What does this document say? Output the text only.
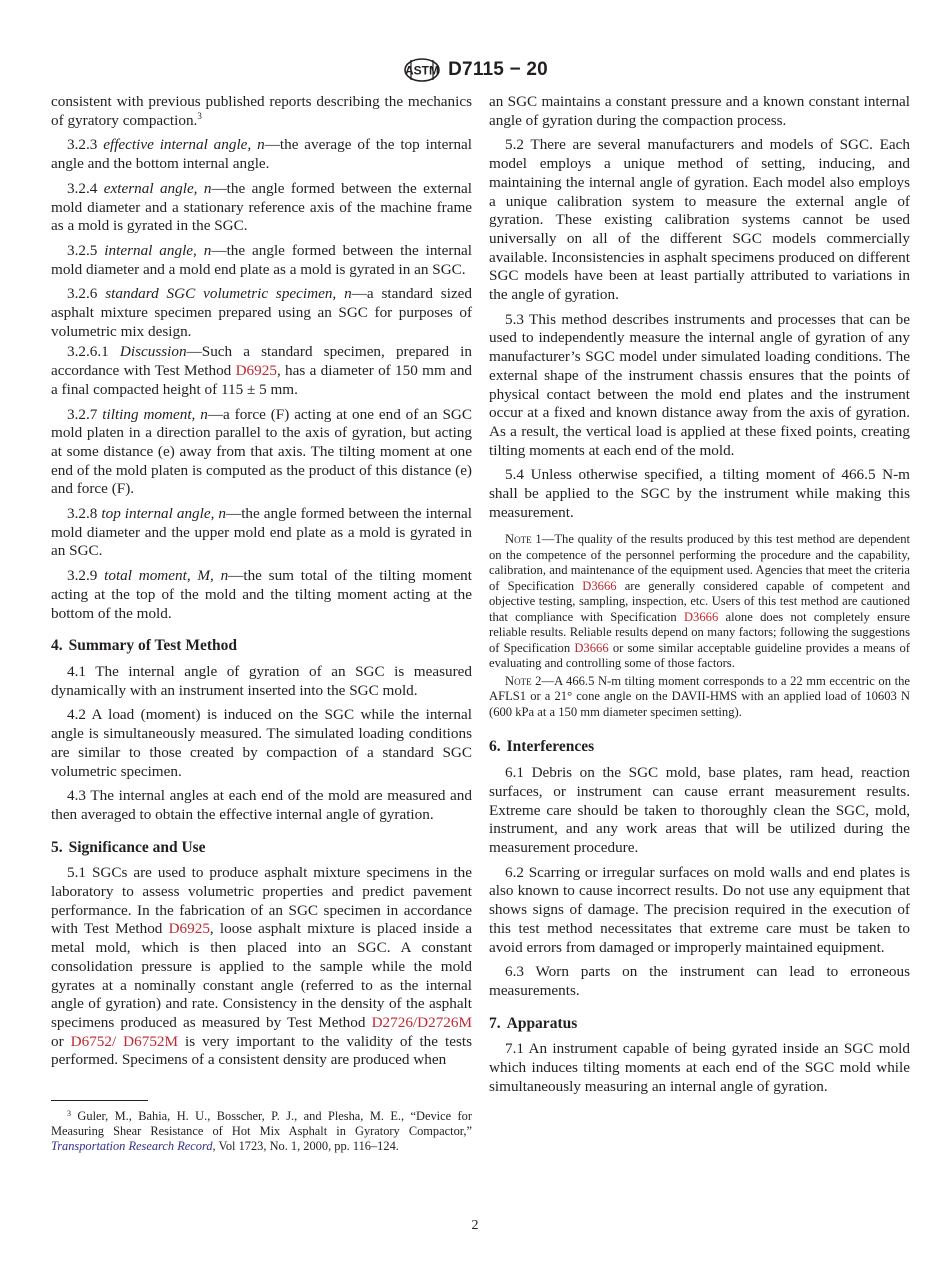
ASTM D7115 − 20

consistent with previous published reports describing the mechanics of gyratory compaction.$^3$

3.2.3 effective internal angle, n—the average of the top internal angle and the bottom internal angle.

3.2.4 external angle, n—the angle formed between the external mold diameter and a stationary reference axis of the machine frame as a mold is gyrated in the SGC.

3.2.5 internal angle, n—the angle formed between the internal mold diameter and a mold end plate as a mold is gyrated in an SGC.

3.2.6 standard SGC volumetric specimen, n—a standard sized asphalt mixture specimen prepared using an SGC for purposes of volumetric mix design.

3.2.6.1 Discussion—Such a standard specimen, prepared in accordance with Test Method D6925, has a diameter of 150 mm and a final compacted height of 115 ± 5 mm.

3.2.7 tilting moment, n—a force (F) acting at one end of an SGC mold platen in a direction parallel to the axis of gyration, but acting at some distance (e) away from that axis. The tilting moment at one end of the mold platen is computed as the product of this distance (e) and force (F).

3.2.8 top internal angle, n—the angle formed between the internal mold diameter and the upper mold end plate as a mold is gyrated in an SGC.

3.2.9 total moment, M, n—the sum total of the tilting moment acting at the top of the mold and the tilting moment acting at the bottom of the mold.

4. Summary of Test Method

4.1 The internal angle of gyration of an SGC is measured dynamically with an instrument inserted into the SGC mold.

4.2 A load (moment) is induced on the SGC while the internal angle is simultaneously measured. The simulated loading conditions are similar to those created by compaction of a standard SGC volumetric specimen.

4.3 The internal angles at each end of the mold are measured and then averaged to obtain the effective internal angle of gyration.

5. Significance and Use

5.1 SGCs are used to produce asphalt mixture specimens in the laboratory to assess volumetric properties and predict pavement performance. In the fabrication of an SGC specimen in accordance with Test Method D6925, loose asphalt mixture is placed inside a metal mold, which is then placed into an SGC. A constant consolidation pressure is applied to the sample while the mold gyrates at a nominally constant angle (referred to as the internal angle of gyration) and rate. Consistency in the density of the asphalt specimens produced as measured by Test Method D2726/D2726M or D6752/ D6752M is very important to the validity of the tests performed. Specimens of a consistent density are produced when

$^3$ Guler, M., Bahia, H. U., Bosscher, P. J., and Plesha, M. E., “Device for Measuring Shear Resistance of Hot Mix Asphalt in Gyratory Compactor,” Transportation Research Record, Vol 1723, No. 1, 2000, pp. 116–124.

an SGC maintains a constant pressure and a known constant internal angle of gyration during the compaction process.

5.2 There are several manufacturers and models of SGC. Each model employs a unique method of setting, inducing, and maintaining the internal angle of gyration. Each model also employs a unique calibration system to measure the external angle of gyration. These existing calibration systems cannot be used universally on all of the different SGC models commercially available. Inconsistencies in asphalt specimens produced on different SGC models have been at least partially attributed to variations in the angle of gyration.

5.3 This method describes instruments and processes that can be used to independently measure the internal angle of gyration of any manufacturer’s SGC model under simulated loading conditions. The external shape of the instrument chassis ensures that the points of physical contact between the mold end plates and the instrument occur at a fixed and known distance away from the axis of gyration. As a result, the vertical load is applied at these fixed points, creating tilting moments at each end of the mold.

5.4 Unless otherwise specified, a tilting moment of 466.5 N-m shall be applied to the SGC by the instrument while making this measurement.

Note 1—The quality of the results produced by this test method are dependent on the competence of the personnel performing the procedure and the capability, calibration, and maintenance of the equipment used. Agencies that meet the criteria of Specification D3666 are generally considered capable of competent and objective testing, sampling, inspection, etc. Users of this test method are cautioned that compliance with Specification D3666 alone does not completely ensure reliable results. Reliable results depend on many factors; following the suggestions of Specification D3666 or some similar acceptable guideline provides a means of evaluating and controlling some of those factors.

Note 2—A 466.5 N-m tilting moment corresponds to a 22 mm eccentric on the AFLS1 or a 21° cone angle on the DAVII-HMS with an applied load of 10603 N (600 kPa at a 150 mm diameter specimen setting).

6. Interferences

6.1 Debris on the SGC mold, base plates, ram head, reaction surfaces, or instrument can cause errant measurement results. Extreme care should be taken to thoroughly clean the SGC, mold, instrument, and any work areas that will be utilized during the measurement procedure.

6.2 Scarring or irregular surfaces on mold walls and end plates is also known to cause incorrect results. Do not use any equipment that shows signs of damage. The precision required in the execution of this test method necessitates that extreme care must be taken to avoid errors from damaged or improperly maintained equipment.

6.3 Worn parts on the instrument can lead to erroneous measurements.

7. Apparatus

7.1 An instrument capable of being gyrated inside an SGC mold which induces tilting moments at each end of the SGC mold while simultaneously measuring an internal angle of gyration.

2
